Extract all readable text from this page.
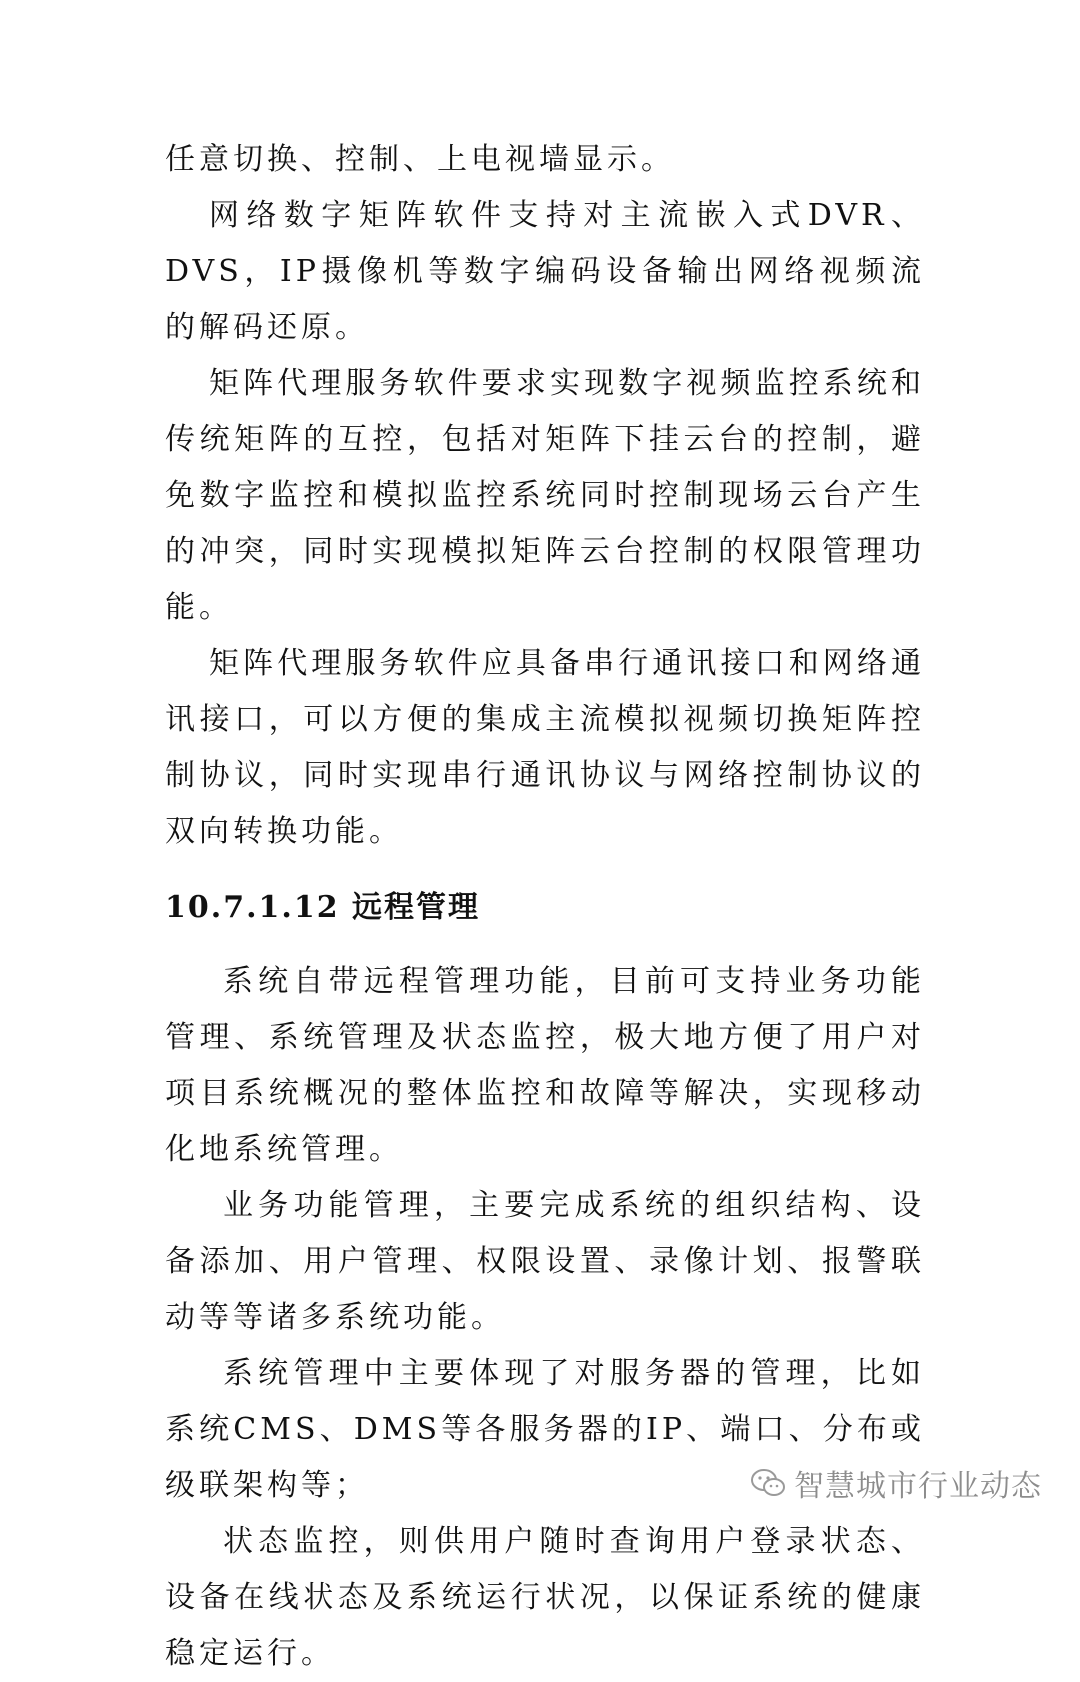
任意切换、控制、上电视墙显示。

网络数字矩阵软件支持对主流嵌入式DVR、DVS，IP摄像机等数字编码设备输出网络视频流的解码还原。

矩阵代理服务软件要求实现数字视频监控系统和传统矩阵的互控，包括对矩阵下挂云台的控制，避免数字监控和模拟监控系统同时控制现场云台产生的冲突，同时实现模拟矩阵云台控制的权限管理功能。

矩阵代理服务软件应具备串行通讯接口和网络通讯接口，可以方便的集成主流模拟视频切换矩阵控制协议，同时实现串行通讯协议与网络控制协议的双向转换功能。

10.7.1.12 远程管理

系统自带远程管理功能，目前可支持业务功能管理、系统管理及状态监控，极大地方便了用户对项目系统概况的整体监控和故障等解决，实现移动化地系统管理。

业务功能管理，主要完成系统的组织结构、设备添加、用户管理、权限设置、录像计划、报警联动等等诸多系统功能。

系统管理中主要体现了对服务器的管理，比如系统CMS、DMS等各服务器的IP、端口、分布或级联架构等；

状态监控，则供用户随时查询用户登录状态、设备在线状态及系统运行状况，以保证系统的健康稳定运行。

智慧城市行业动态
